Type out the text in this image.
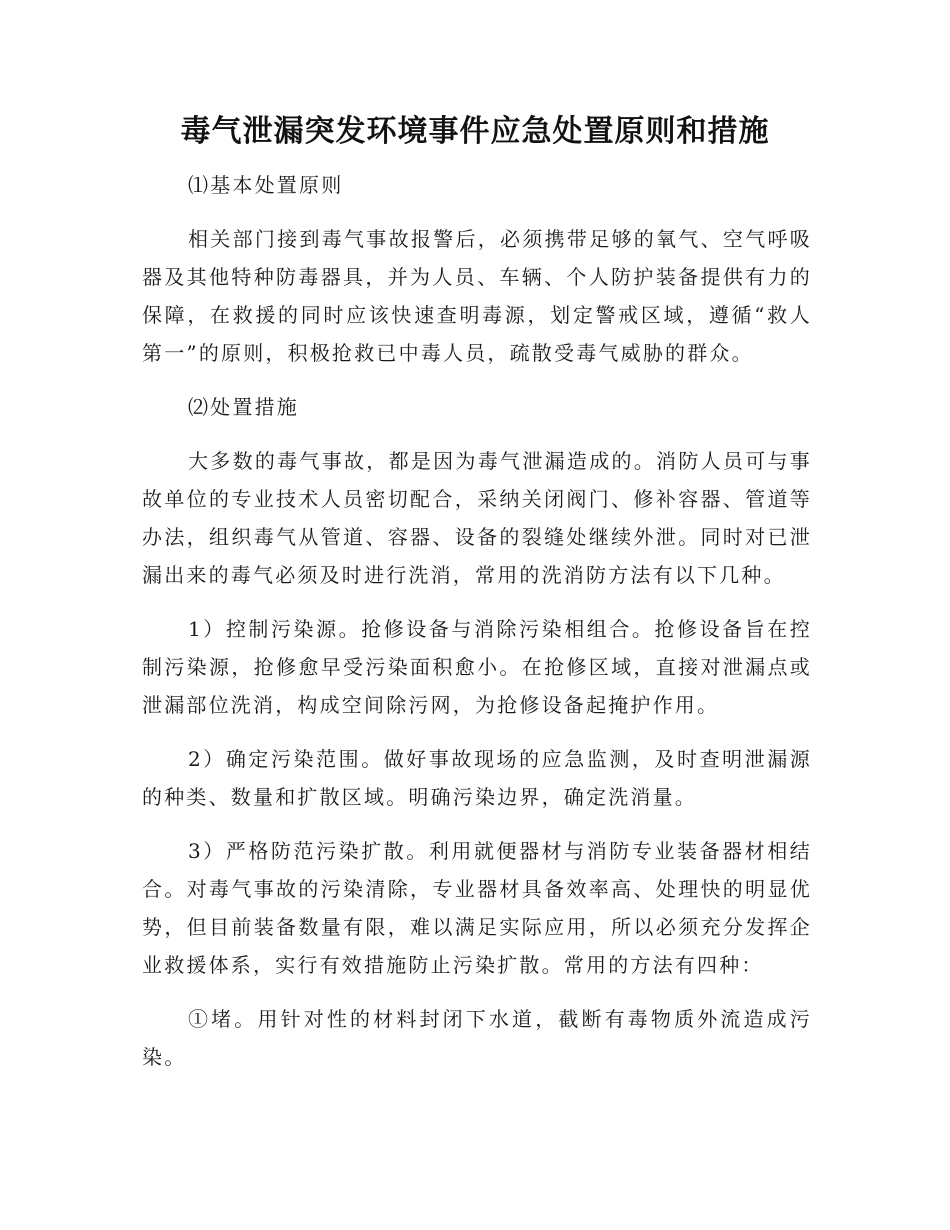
毒气泄漏突发环境事件应急处置原则和措施

⑴基本处置原则

相关部门接到毒气事故报警后，必须携带足够的氧气、空气呼吸器及其他特种防毒器具，并为人员、车辆、个人防护装备提供有力的保障，在救援的同时应该快速查明毒源，划定警戒区域，遵循“救人第一”的原则，积极抢救已中毒人员，疏散受毒气威胁的群众。

⑵处置措施

大多数的毒气事故，都是因为毒气泄漏造成的。消防人员可与事故单位的专业技术人员密切配合，采纳关闭阀门、修补容器、管道等办法，组织毒气从管道、容器、设备的裂缝处继续外泄。同时对已泄漏出来的毒气必须及时进行洗消，常用的洗消防方法有以下几种。

1）控制污染源。抢修设备与消除污染相组合。抢修设备旨在控制污染源，抢修愈早受污染面积愈小。在抢修区域，直接对泄漏点或泄漏部位洗消，构成空间除污网，为抢修设备起掩护作用。

2）确定污染范围。做好事故现场的应急监测，及时查明泄漏源的种类、数量和扩散区域。明确污染边界，确定洗消量。

3）严格防范污染扩散。利用就便器材与消防专业装备器材相结合。对毒气事故的污染清除，专业器材具备效率高、处理快的明显优势，但目前装备数量有限，难以满足实际应用，所以必须充分发挥企业救援体系，实行有效措施防止污染扩散。常用的方法有四种：

①堵。用针对性的材料封闭下水道，截断有毒物质外流造成污染。
